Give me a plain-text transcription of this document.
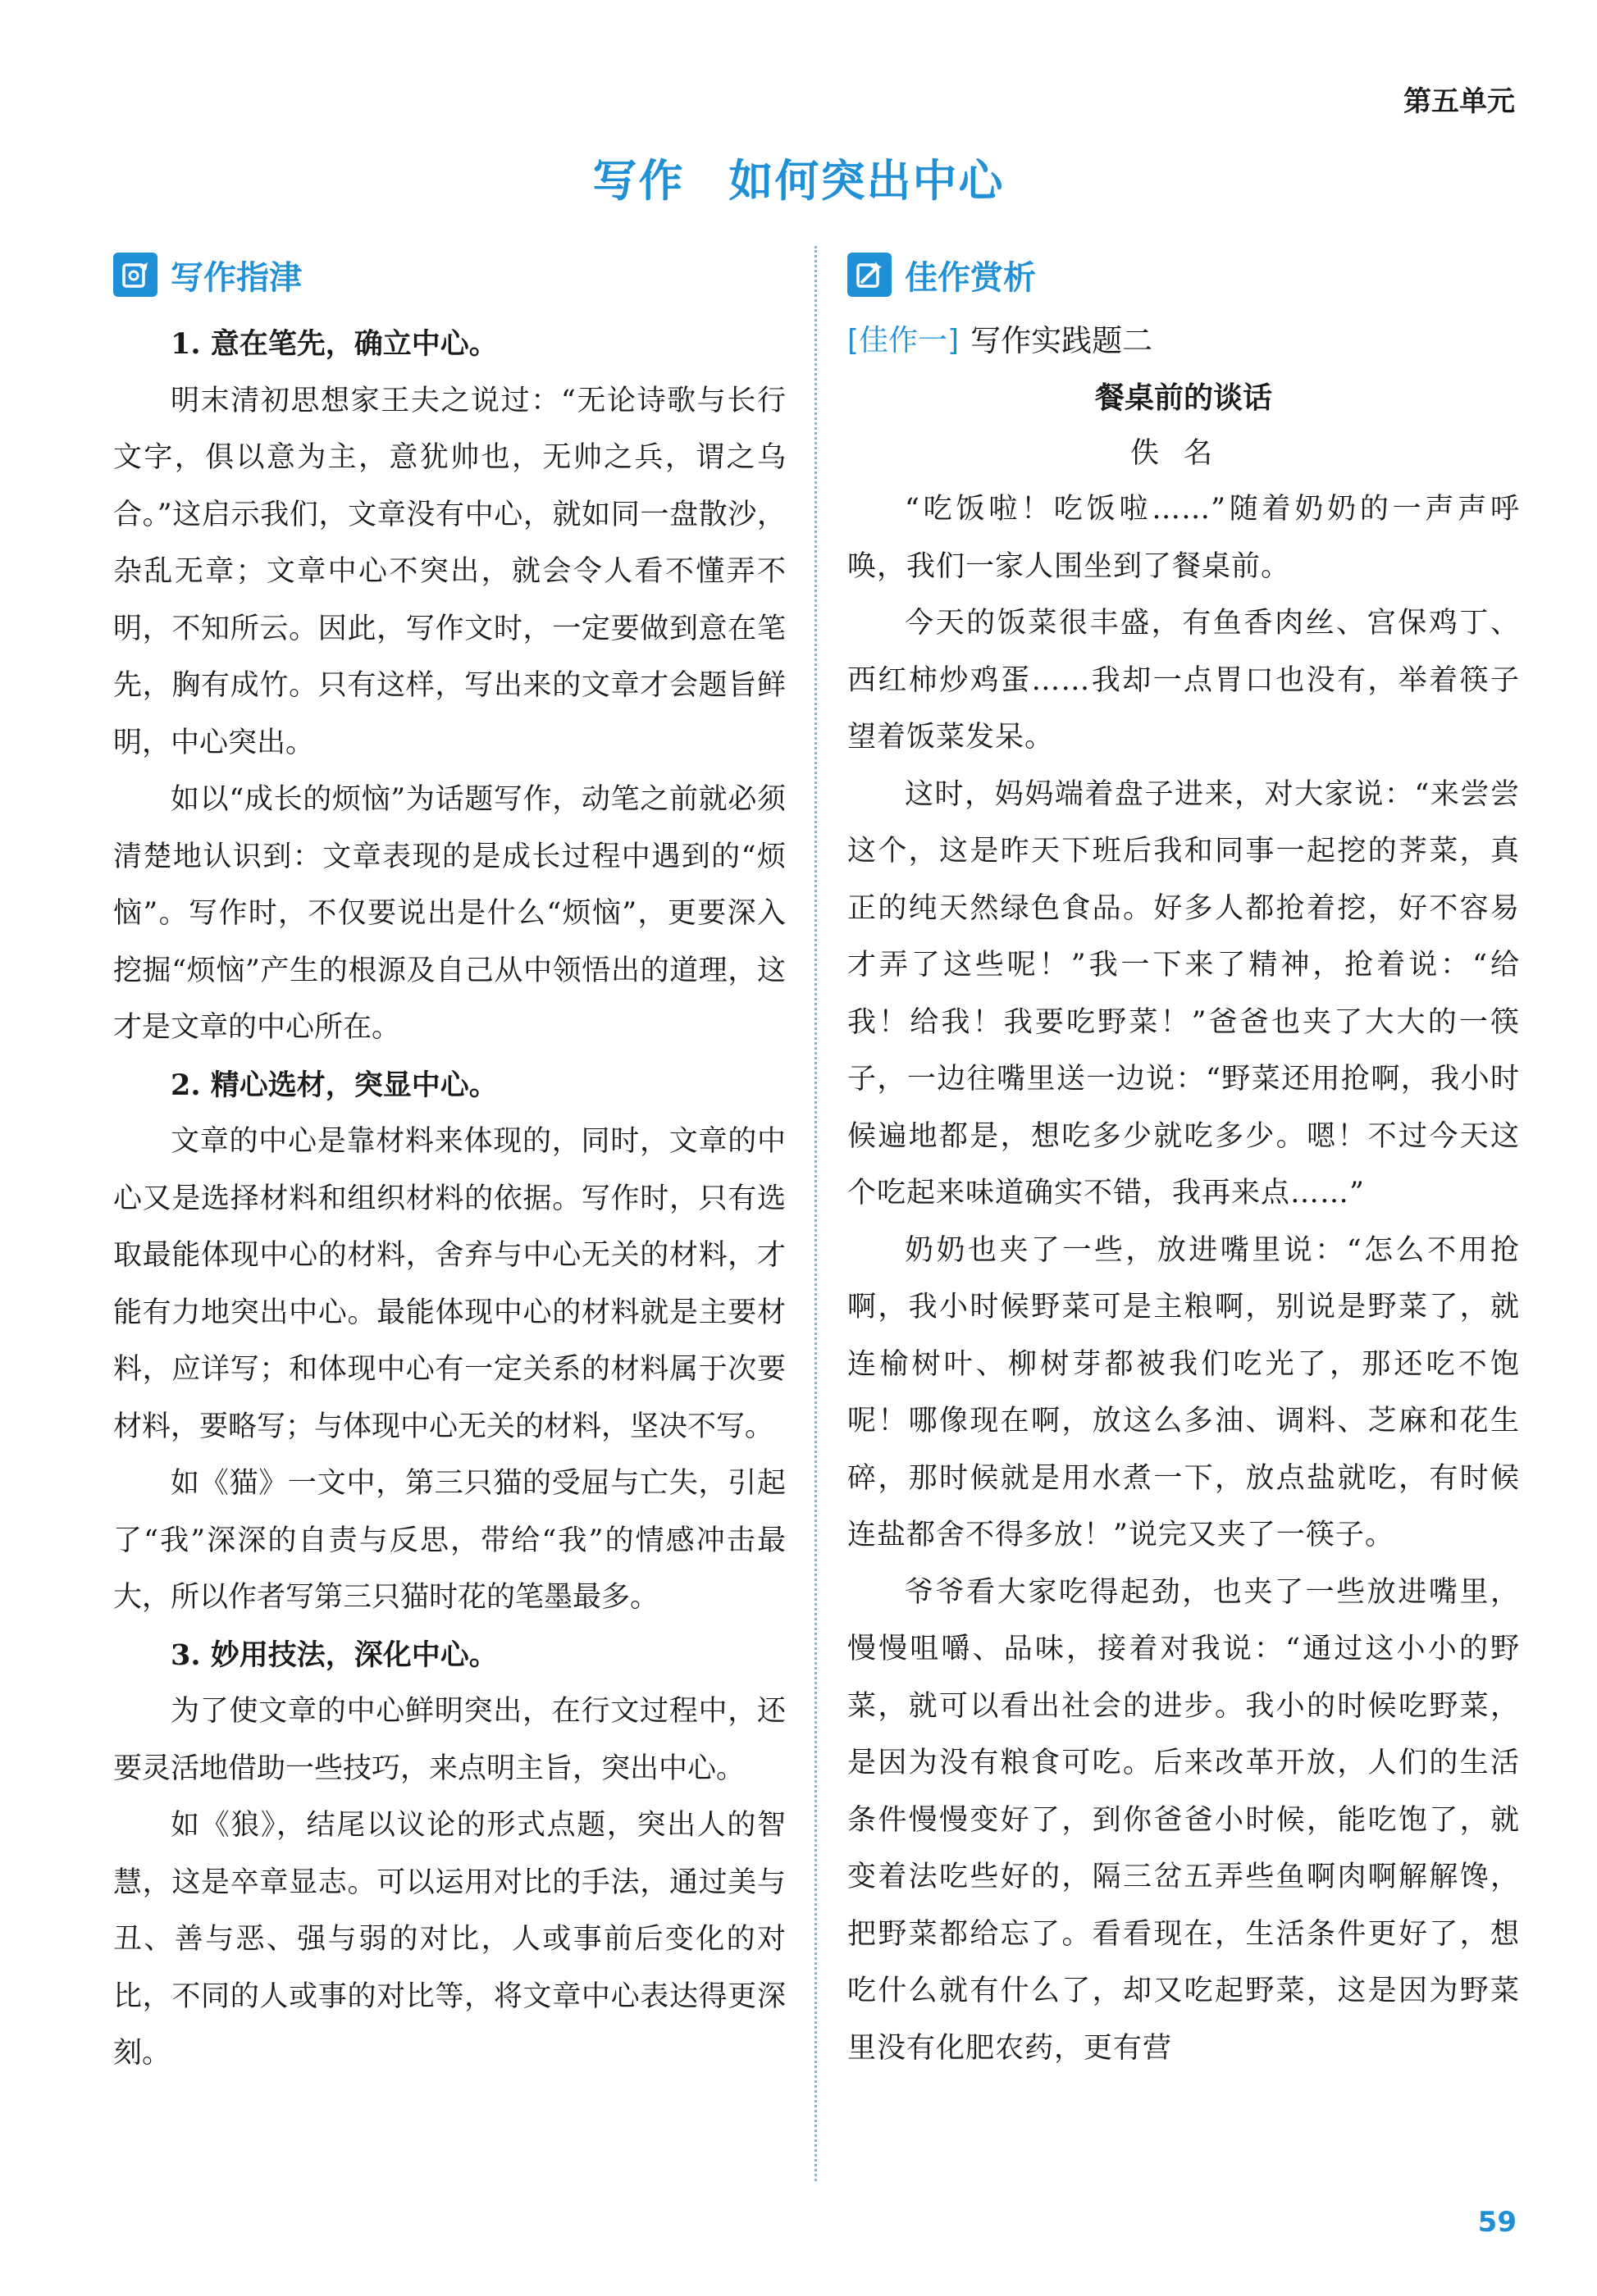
第五单元
写作 如何突出中心
写作指津

1. 意在笔先，确立中心。

明末清初思想家王夫之说过：“无论诗歌与长行文字，俱以意为主，意犹帅也，无帅之兵，谓之乌合。”这启示我们，文章没有中心，就如同一盘散沙，杂乱无章；文章中心不突出，就会令人看不懂弄不明，不知所云。因此，写作文时，一定要做到意在笔先，胸有成竹。只有这样，写出来的文章才会题旨鲜明，中心突出。

如以“成长的烦恼”为话题写作，动笔之前就必须清楚地认识到：文章表现的是成长过程中遇到的“烦恼”。写作时，不仅要说出是什么“烦恼”，更要深入挖掘“烦恼”产生的根源及自己从中领悟出的道理，这才是文章的中心所在。

2. 精心选材，突显中心。

文章的中心是靠材料来体现的，同时，文章的中心又是选择材料和组织材料的依据。写作时，只有选取最能体现中心的材料，舍弃与中心无关的材料，才能有力地突出中心。最能体现中心的材料就是主要材料，应详写；和体现中心有一定关系的材料属于次要材料，要略写；与体现中心无关的材料，坚决不写。

如《猫》一文中，第三只猫的受屈与亡失，引起了“我”深深的自责与反思，带给“我”的情感冲击最大，所以作者写第三只猫时花的笔墨最多。

3. 妙用技法，深化中心。

为了使文章的中心鲜明突出，在行文过程中，还要灵活地借助一些技巧，来点明主旨，突出中心。

如《狼》，结尾以议论的形式点题，突出人的智慧，这是卒章显志。可以运用对比的手法，通过美与丑、善与恶、强与弱的对比，人或事前后变化的对比，不同的人或事的对比等，将文章中心表达得更深刻。

佳作赏析
[佳作一] 写作实践题二

餐桌前的谈话

佚名

“吃饭啦！吃饭啦……”随着奶奶的一声声呼唤，我们一家人围坐到了餐桌前。

今天的饭菜很丰盛，有鱼香肉丝、宫保鸡丁、西红柿炒鸡蛋……我却一点胃口也没有，举着筷子望着饭菜发呆。

这时，妈妈端着盘子进来，对大家说：“来尝尝这个，这是昨天下班后我和同事一起挖的荠菜，真正的纯天然绿色食品。好多人都抢着挖，好不容易才弄了这些呢！”我一下来了精神，抢着说：“给我！给我！我要吃野菜！”爸爸也夹了大大的一筷子，一边往嘴里送一边说：“野菜还用抢啊，我小时候遍地都是，想吃多少就吃多少。嗯！不过今天这个吃起来味道确实不错，我再来点……”

奶奶也夹了一些，放进嘴里说：“怎么不用抢啊，我小时候野菜可是主粮啊，别说是野菜了，就连榆树叶、柳树芽都被我们吃光了，那还吃不饱呢！哪像现在啊，放这么多油、调料、芝麻和花生碎，那时候就是用水煮一下，放点盐就吃，有时候连盐都舍不得多放！”说完又夹了一筷子。

爷爷看大家吃得起劲，也夹了一些放进嘴里，慢慢咀嚼、品味，接着对我说：“通过这小小的野菜，就可以看出社会的进步。我小的时候吃野菜，是因为没有粮食可吃。后来改革开放，人们的生活条件慢慢变好了，到你爸爸小时候，能吃饱了，就变着法吃些好的，隔三岔五弄些鱼啊肉啊解解馋，把野菜都给忘了。看看现在，生活条件更好了，想吃什么就有什么了，却又吃起野菜，这是因为野菜里没有化肥农药，更有营

59
